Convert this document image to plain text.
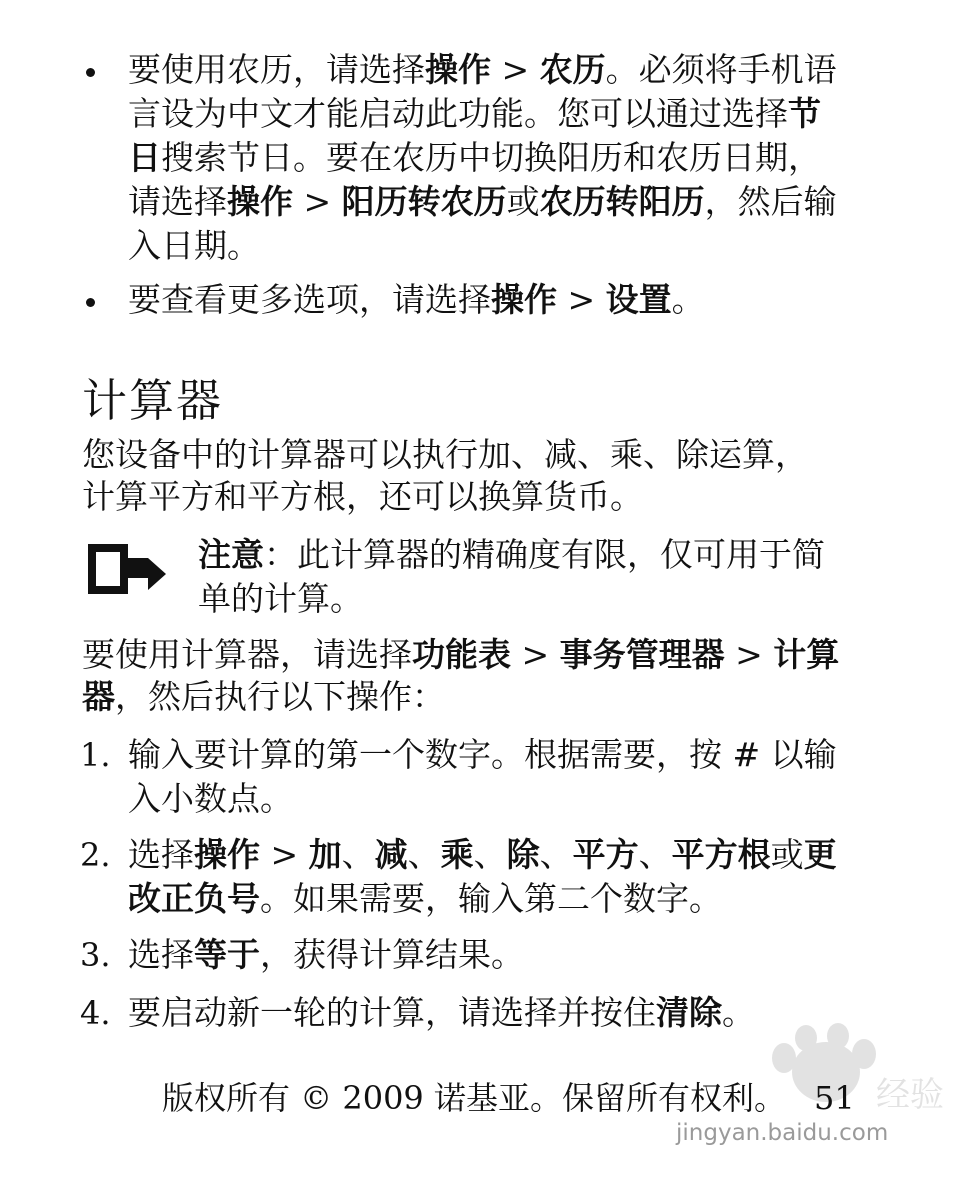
要使用农历，请选择操作 > 农历。必须将手机语
言设为中文才能启动此功能。您可以通过选择节
日搜索节日。要在农历中切换阳历和农历日期，
请选择操作 > 阳历转农历或农历转阳历，然后输
入日期。
要查看更多选项，请选择操作 > 设置。
计算器
您设备中的计算器可以执行加、减、乘、除运算，
计算平方和平方根，还可以换算货币。
注意：此计算器的精确度有限，仅可用于简
单的计算。
要使用计算器，请选择功能表 > 事务管理器 > 计算
器，然后执行以下操作：
1. 输入要计算的第一个数字。根据需要，按 # 以输
入小数点。
2. 选择操作 > 加、减、乘、除、平方、平方根或更
改正负号。如果需要，输入第二个数字。
3. 选择等于，获得计算结果。
4. 要启动新一轮的计算，请选择并按住清除。
经验
jingyan.baidu.com
版权所有 © 2009 诺基亚。保留所有权利。 51
